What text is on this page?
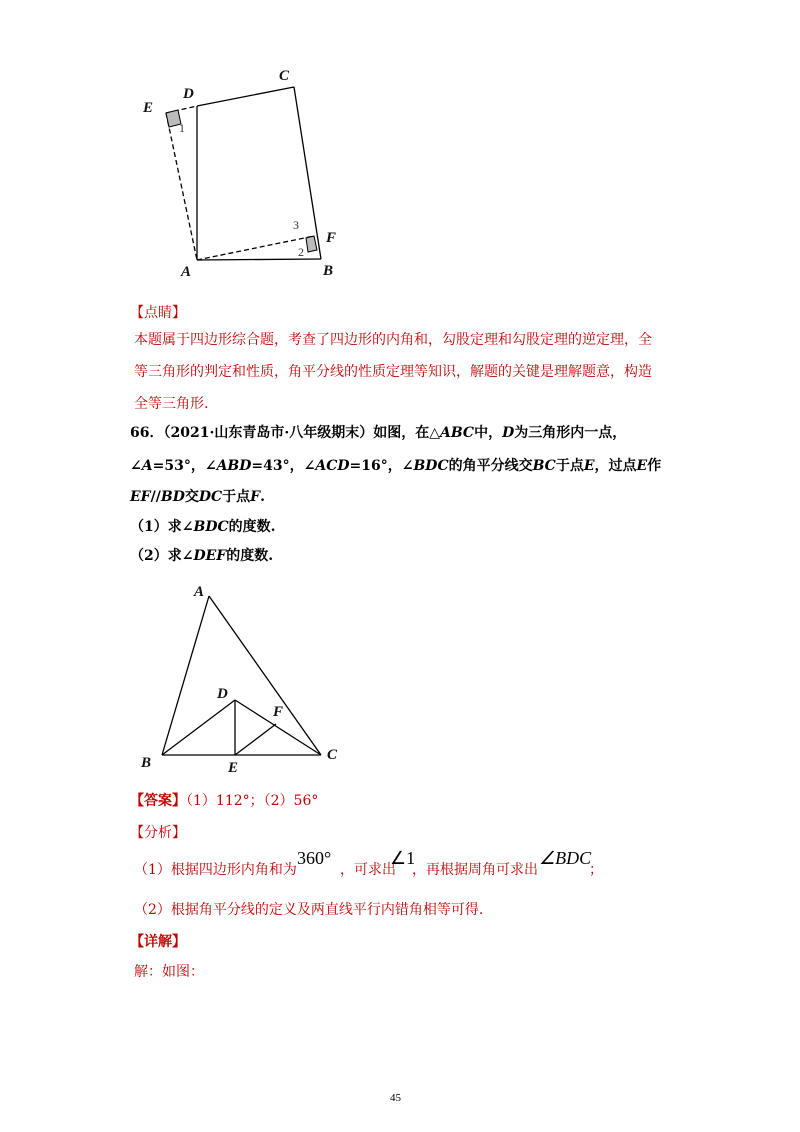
E
D
C
F
A	B
1
3
2
【点睛】
本题属于四边形综合题，考查了四边形的内角和，勾股定理和勾股定理的逆定理，全
等三角形的判定和性质，角平分线的性质定理等知识，解题的关键是理解题意，构造
全等三角形.
66．（2021·山东青岛市·八年级期末）如图，在△ABC中，D为三角形内一点，
∠A=53°，∠ABD=43°，∠ACD=16°，∠BDC的角平分线交BC于点E，过点E作
EF//BD交DC于点F.
（1）求∠BDC的度数.
（2）求∠DEF的度数.
A
D
F
B	E
C
【答案】（1）112°；（2）56°
【分析】
（1）根据四边形内角和为
360°
，可求出
∠1
，再根据周角可求出
∠BDC
；
（2）根据角平分线的定义及两直线平行内错角相等可得.
【详解】
解：如图：
45
